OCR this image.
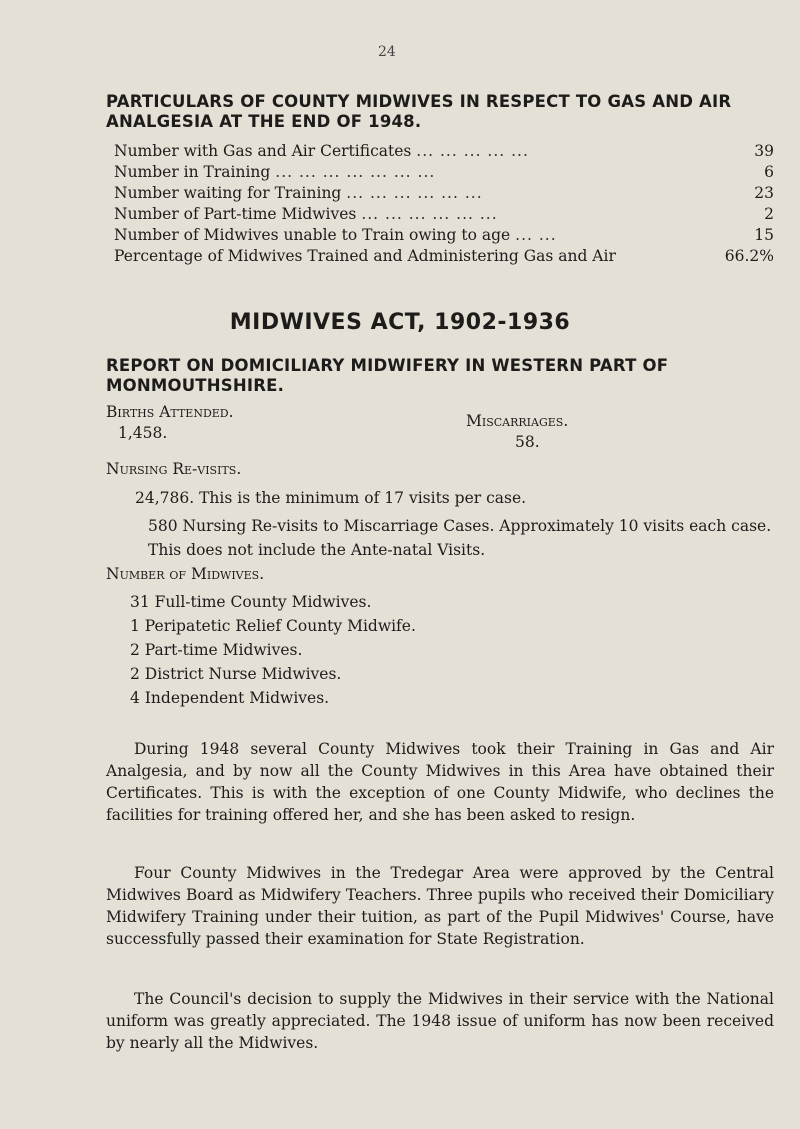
24
PARTICULARS OF COUNTY MIDWIVES IN RESPECT TO GAS AND AIR ANALGESIA AT THE END OF 1948.
Number with Gas and Air Certificates ... ... ... ... ...	39
Number in Training ... ... ... ... ... ... ...	6
Number waiting for Training ... ... ... ... ... ...	23
Number of Part-time Midwives ... ... ... ... ... ...	2
Number of Midwives unable to Train owing to age ... ...	15
Percentage of Midwives Trained and Administering Gas and Air	66.2%
MIDWIVES ACT, 1902-1936
REPORT ON DOMICILIARY MIDWIFERY IN WESTERN PART OF MONMOUTHSHIRE.
Births Attended.
1,458.
Miscarriages.
58.
Nursing Re-visits.
24,786. This is the minimum of 17 visits per case.
580 Nursing Re-visits to Miscarriage Cases. Approximately 10 visits each case. This does not include the Ante-natal Visits.
Number of Midwives.
31 Full-time County Midwives.
1 Peripatetic Relief County Midwife.
2 Part-time Midwives.
2 District Nurse Midwives.
4 Independent Midwives.
During 1948 several County Midwives took their Training in Gas and Air Analgesia, and by now all the County Midwives in this Area have obtained their Certificates. This is with the exception of one County Midwife, who declines the facilities for training offered her, and she has been asked to resign.
Four County Midwives in the Tredegar Area were approved by the Central Midwives Board as Midwifery Teachers. Three pupils who received their Domiciliary Midwifery Training under their tuition, as part of the Pupil Midwives' Course, have successfully passed their examination for State Registration.
The Council's decision to supply the Midwives in their service with the National uniform was greatly appreciated. The 1948 issue of uniform has now been received by nearly all the Midwives.
